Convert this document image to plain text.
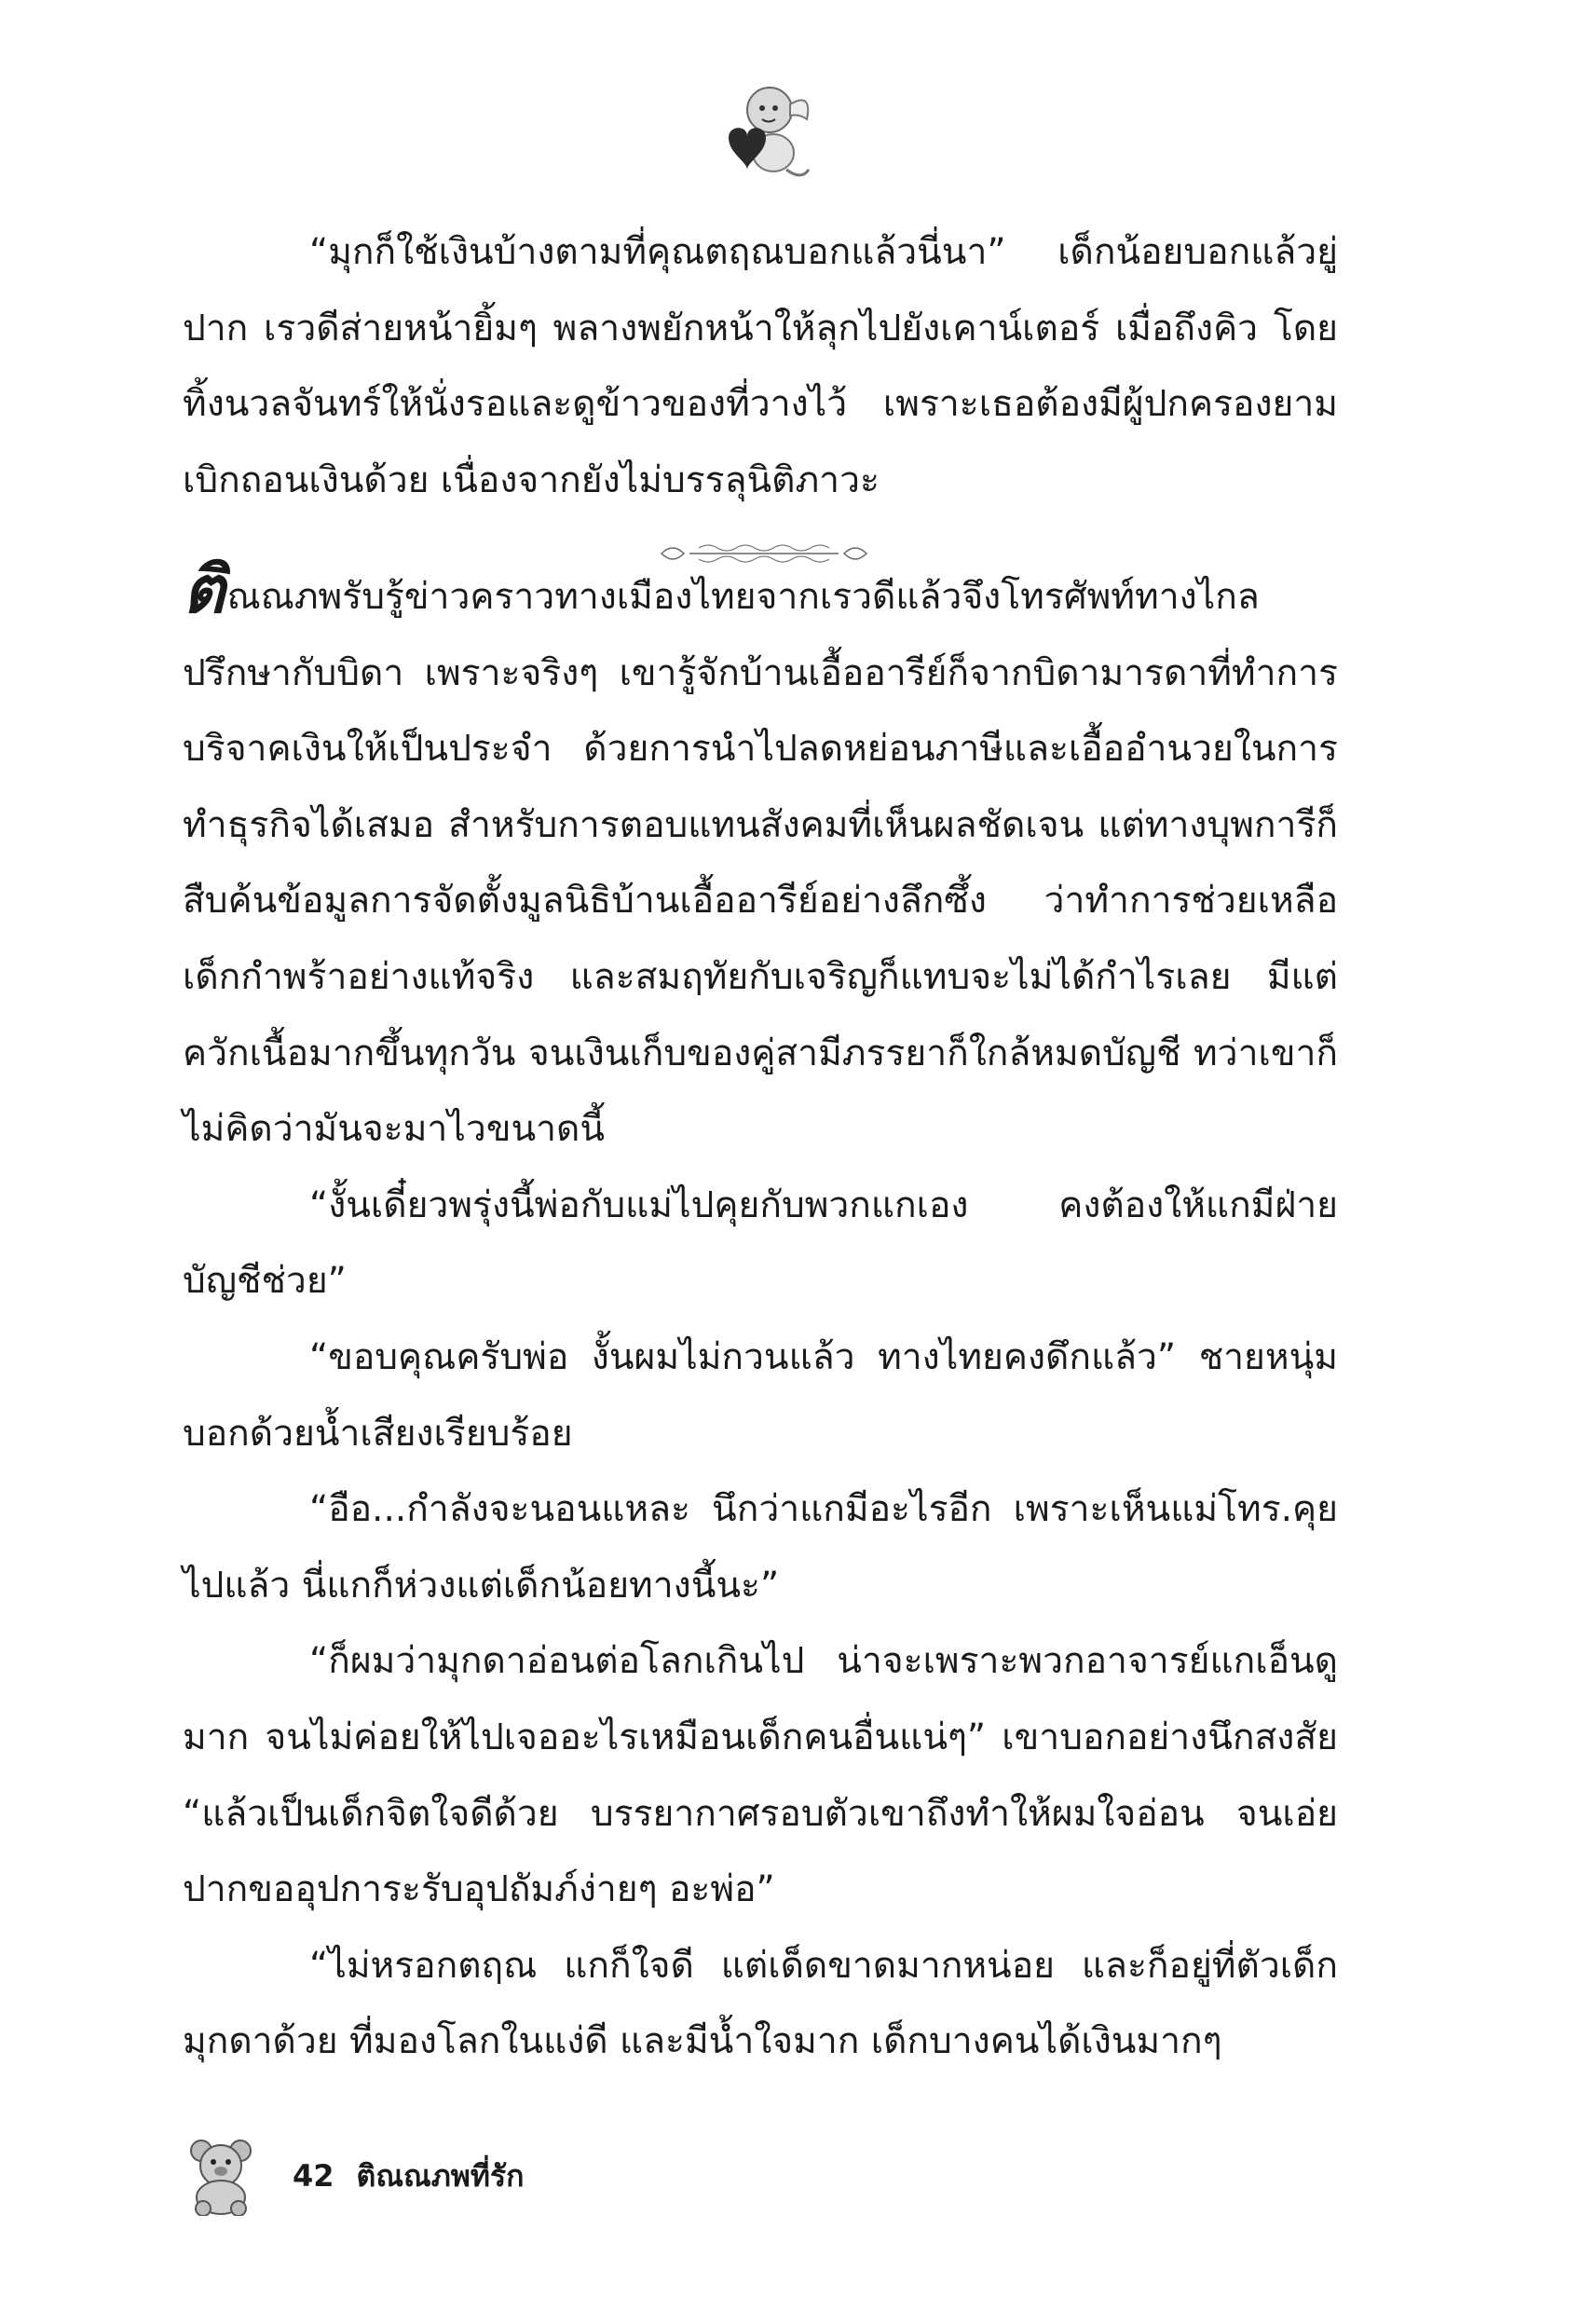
“มุกก็ใช้เงินบ้างตามที่คุณตฤณบอกแล้วนี่นา” เด็กน้อยบอกแล้วยู่ปาก เรวดีส่ายหน้ายิ้มๆ พลางพยักหน้าให้ลุกไปยังเคาน์เตอร์ เมื่อถึงคิว โดยทิ้งนวลจันทร์ให้นั่งรอและดูข้าวของที่วางไว้ เพราะเธอต้องมีผู้ปกครองยามเบิกถอนเงินด้วย เนื่องจากยังไม่บรรลุนิติภาวะ

ติณณภพรับรู้ข่าวคราวทางเมืองไทยจากเรวดีแล้วจึงโทรศัพท์ทางไกลปรึกษากับบิดา เพราะจริงๆ เขารู้จักบ้านเอื้ออารีย์ก็จากบิดามารดาที่ทำการบริจาคเงินให้เป็นประจำ ด้วยการนำไปลดหย่อนภาษีและเอื้ออำนวยในการทำธุรกิจได้เสมอ สำหรับการตอบแทนสังคมที่เห็นผลชัดเจน แต่ทางบุพการีก็สืบค้นข้อมูลการจัดตั้งมูลนิธิบ้านเอื้ออารีย์อย่างลึกซึ้ง ว่าทำการช่วยเหลือเด็กกำพร้าอย่างแท้จริง และสมฤทัยกับเจริญก็แทบจะไม่ได้กำไรเลย มีแต่ควักเนื้อมากขึ้นทุกวัน จนเงินเก็บของคู่สามีภรรยาก็ใกล้หมดบัญชี ทว่าเขาก็ไม่คิดว่ามันจะมาไวขนาดนี้

“งั้นเดี๋ยวพรุ่งนี้พ่อกับแม่ไปคุยกับพวกแกเอง คงต้องให้แกมีฝ่ายบัญชีช่วย”

“ขอบคุณครับพ่อ งั้นผมไม่กวนแล้ว ทางไทยคงดึกแล้ว” ชายหนุ่มบอกด้วยน้ำเสียงเรียบร้อย

“อือ...กำลังจะนอนแหละ นึกว่าแกมีอะไรอีก เพราะเห็นแม่โทร.คุยไปแล้ว นี่แกก็ห่วงแต่เด็กน้อยทางนี้นะ”

“ก็ผมว่ามุกดาอ่อนต่อโลกเกินไป น่าจะเพราะพวกอาจารย์แกเอ็นดูมาก จนไม่ค่อยให้ไปเจออะไรเหมือนเด็กคนอื่นแน่ๆ” เขาบอกอย่างนึกสงสัย “แล้วเป็นเด็กจิตใจดีด้วย บรรยากาศรอบตัวเขาถึงทำให้ผมใจอ่อน จนเอ่ยปากขออุปการะรับอุปถัมภ์ง่ายๆ อะพ่อ”

“ไม่หรอกตฤณ แกก็ใจดี แต่เด็ดขาดมากหน่อย และก็อยู่ที่ตัวเด็กมุกดาด้วย ที่มองโลกในแง่ดี และมีน้ำใจมาก เด็กบางคนได้เงินมากๆ

42 ติณณภพที่รัก
